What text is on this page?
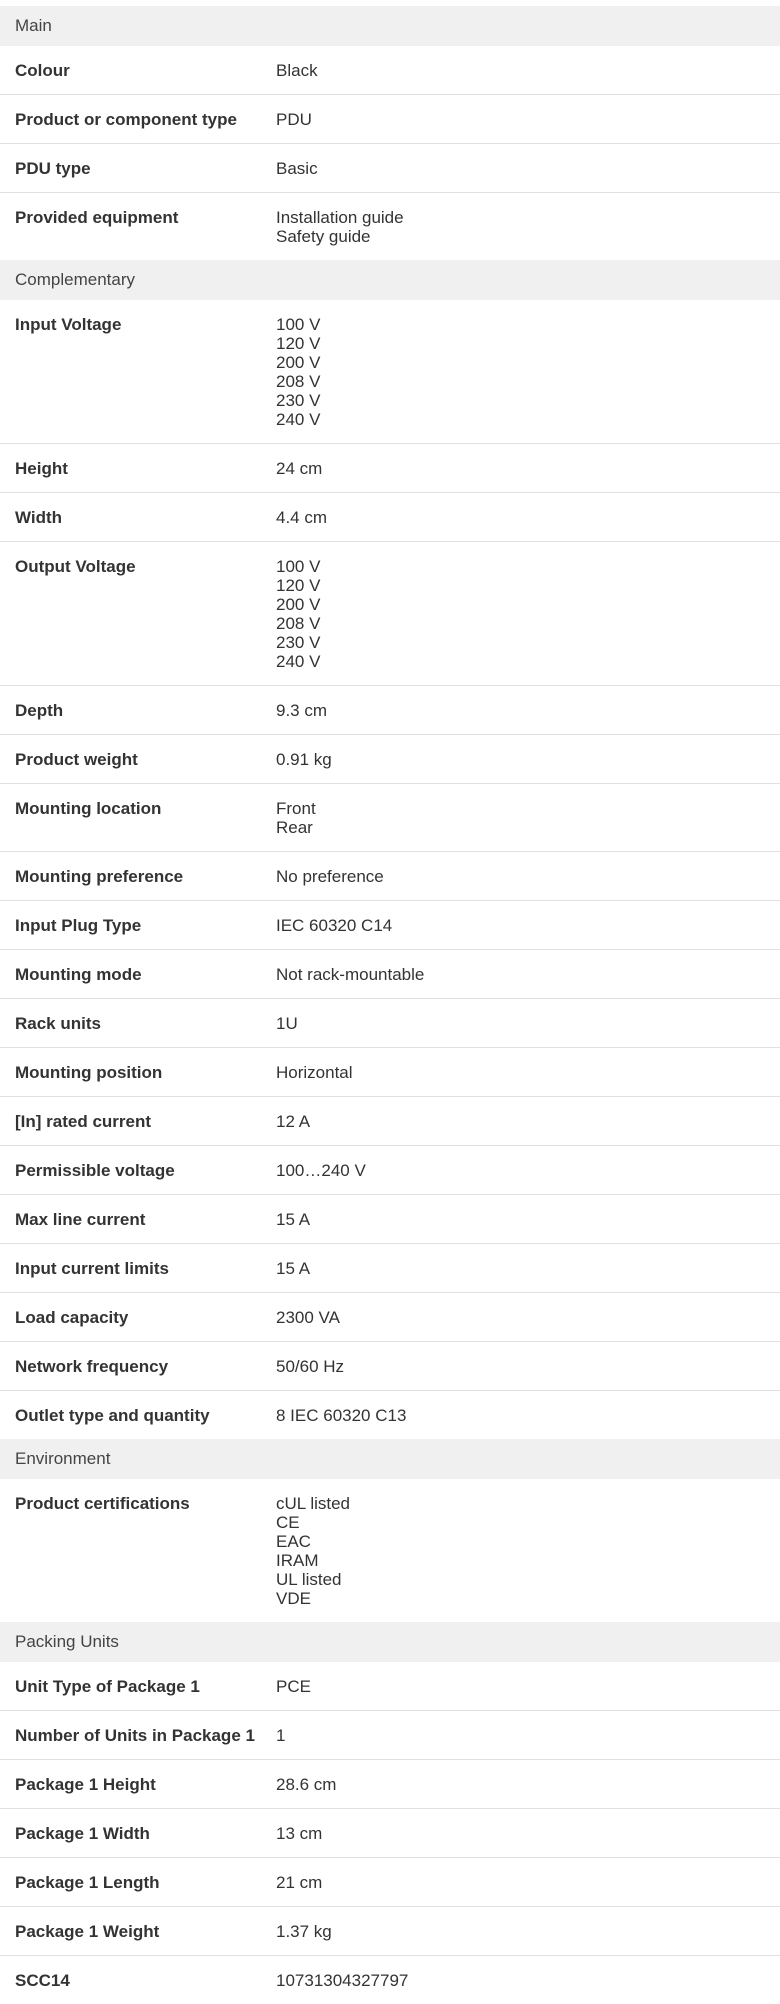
Main
Colour	Black
Product or component type	PDU
PDU type	Basic
Provided equipment	Installation guide
Safety guide
Complementary
Input Voltage	100 V
120 V
200 V
208 V
230 V
240 V
Height	24 cm
Width	4.4 cm
Output Voltage	100 V
120 V
200 V
208 V
230 V
240 V
Depth	9.3 cm
Product weight	0.91 kg
Mounting location	Front
Rear
Mounting preference	No preference
Input Plug Type	IEC 60320 C14
Mounting mode	Not rack-mountable
Rack units	1U
Mounting position	Horizontal
[In] rated current	12 A
Permissible voltage	100…240 V
Max line current	15 A
Input current limits	15 A
Load capacity	2300 VA
Network frequency	50/60 Hz
Outlet type and quantity	8 IEC 60320 C13
Environment
Product certifications	cUL listed
CE
EAC
IRAM
UL listed
VDE
Packing Units
Unit Type of Package 1	PCE
Number of Units in Package 1	1
Package 1 Height	28.6 cm
Package 1 Width	13 cm
Package 1 Length	21 cm
Package 1 Weight	1.37 kg
SCC14	10731304327797
